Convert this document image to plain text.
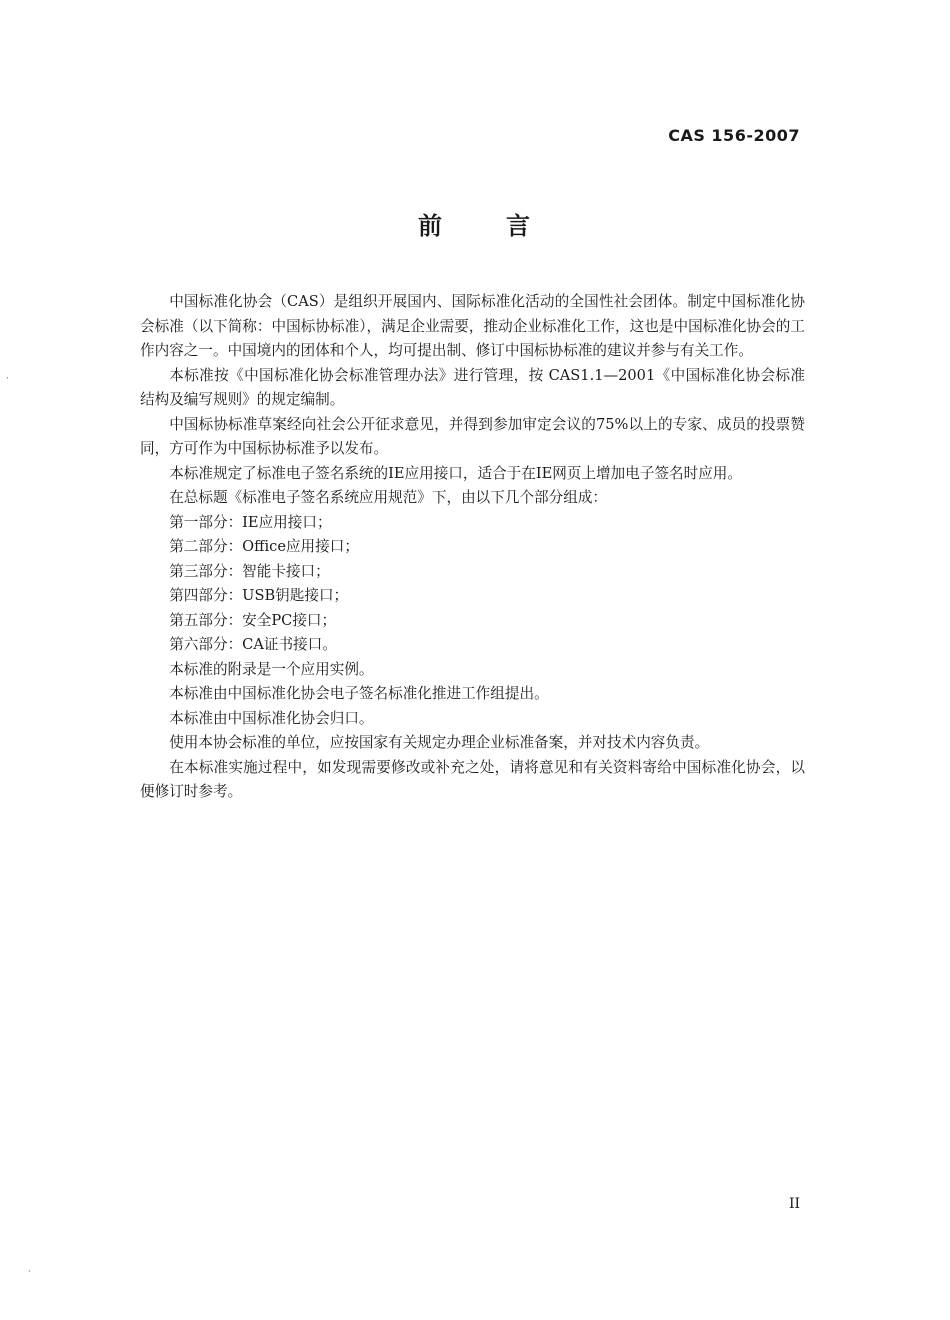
CAS 156-2007
前	言

中国标准化协会（CAS）是组织开展国内、国际标准化活动的全国性社会团体。制定中国标准化协会标准（以下简称：中国标协标准），满足企业需要，推动企业标准化工作，这也是中国标准化协会的工作内容之一。中国境内的团体和个人，均可提出制、修订中国标协标准的建议并参与有关工作。

本标准按《中国标准化协会标准管理办法》进行管理，按 CAS1.1—2001《中国标准化协会标准结构及编写规则》的规定编制。

中国标协标准草案经向社会公开征求意见，并得到参加审定会议的75%以上的专家、成员的投票赞同，方可作为中国标协标准予以发布。

本标准规定了标准电子签名系统的IE应用接口，适合于在IE网页上增加电子签名时应用。

在总标题《标准电子签名系统应用规范》下，由以下几个部分组成：

第一部分：IE应用接口；

第二部分：Office应用接口；

第三部分：智能卡接口；

第四部分：USB钥匙接口；

第五部分：安全PC接口；

第六部分：CA证书接口。

本标准的附录是一个应用实例。

本标准由中国标准化协会电子签名标准化推进工作组提出。

本标准由中国标准化协会归口。

使用本协会标准的单位，应按国家有关规定办理企业标准备案，并对技术内容负责。

在本标准实施过程中，如发现需要修改或补充之处，请将意见和有关资料寄给中国标准化协会，以便修订时参考。

II
‧
ˏ
